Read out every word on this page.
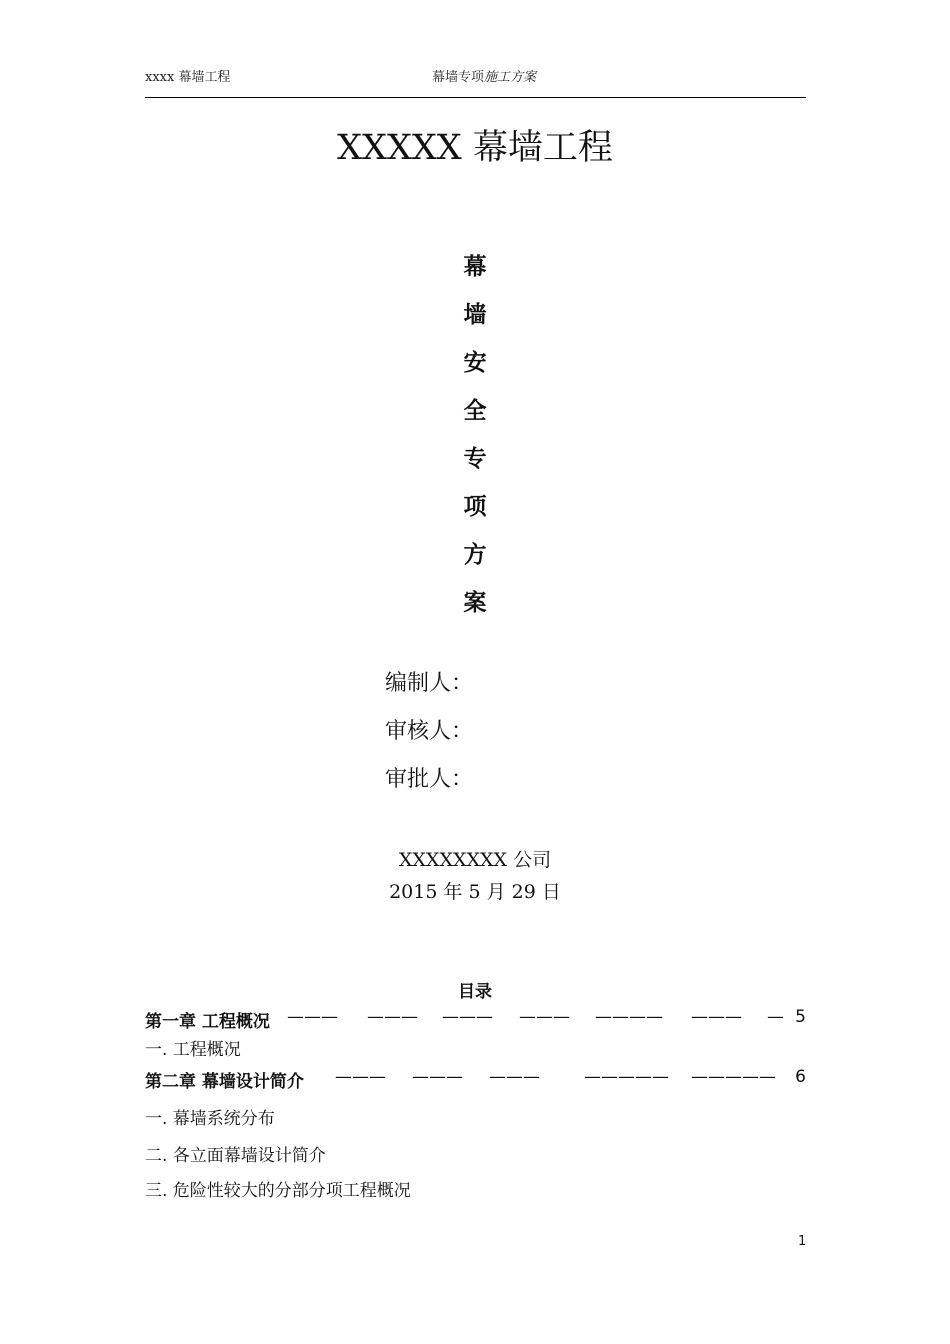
xxxx 幕墙工程	幕墙专项施工方案
XXXXX 幕墙工程
幕
墙
安
全
专
项
方
案
编制人：
审核人：
审批人：
XXXXXXXX 公司
2015 年 5 月 29 日
目录
第一章 工程概况 ——— ——— ——— ——— ———— ——— — 5
一. 工程概况
第二章 幕墙设计简介 ——— ——— ———	————— ————— 6
一. 幕墙系统分布
二. 各立面幕墙设计简介
三. 危险性较大的分部分项工程概况
1
